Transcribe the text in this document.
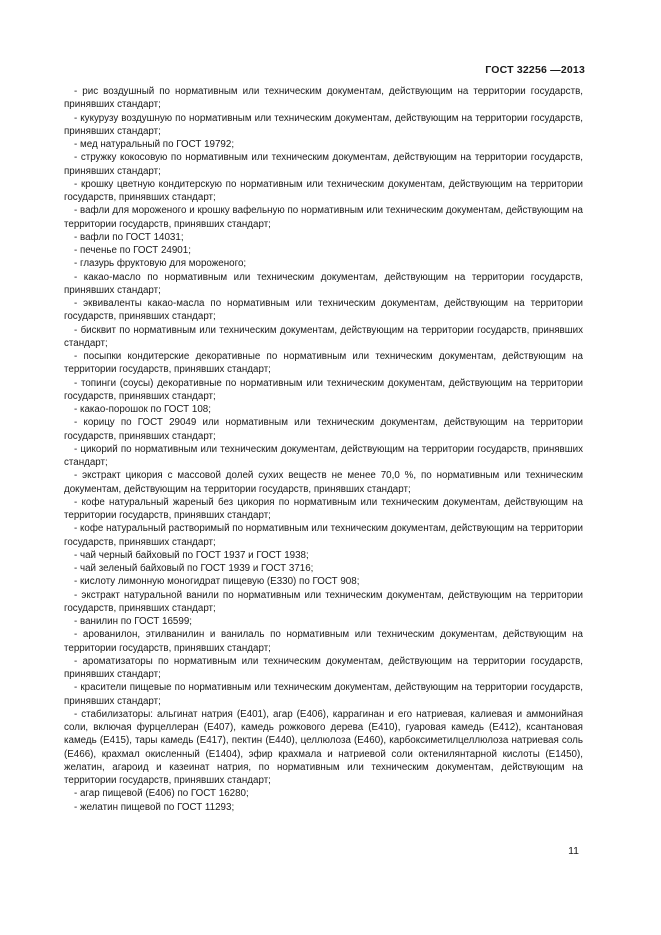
ГОСТ 32256 —2013

- рис воздушный по нормативным или техническим документам, действующим на территории государств, принявших стандарт;

- кукурузу воздушную по нормативным или техническим документам, действующим на территории государств, принявших стандарт;

- мед натуральный по ГОСТ 19792;

- стружку кокосовую по нормативным или техническим документам, действующим на территории государств, принявших стандарт;

- крошку цветную кондитерскую по нормативным или техническим документам, действующим на территории государств, принявших стандарт;

- вафли для мороженого и крошку вафельную по нормативным или техническим документам, действующим на территории государств, принявших стандарт;

- вафли по ГОСТ 14031;

- печенье по ГОСТ 24901;

- глазурь фруктовую для мороженого;

- какао-масло по нормативным или техническим документам, действующим на территории государств, принявших стандарт;

- эквиваленты какао-масла по нормативным или техническим документам, действующим на территории государств, принявших стандарт;

- бисквит по нормативным или техническим документам, действующим на территории государств, принявших стандарт;

- посыпки кондитерские декоративные по нормативным или техническим документам, действующим на территории государств, принявших стандарт;

- топинги (соусы) декоративные по нормативным или техническим документам, действующим на территории государств, принявших стандарт;

- какао-порошок по ГОСТ 108;

- корицу по ГОСТ 29049 или нормативным или техническим документам, действующим на территории государств, принявших стандарт;

- цикорий по нормативным или техническим документам, действующим на территории государств, принявших стандарт;

- экстракт цикория с массовой долей сухих веществ не менее 70,0 %, по нормативным или техническим документам, действующим на территории государств, принявших стандарт;

- кофе натуральный жареный без цикория по нормативным или техническим документам, действующим на территории государств, принявших стандарт;

- кофе натуральный растворимый по нормативным или техническим документам, действующим на территории государств, принявших стандарт;

- чай черный байховый по ГОСТ 1937 и ГОСТ 1938;

- чай зеленый байховый по ГОСТ 1939 и ГОСТ 3716;

- кислоту лимонную моногидрат пищевую (Е330) по ГОСТ 908;

- экстракт натуральной ванили по нормативным или техническим документам, действующим на территории государств, принявших стандарт;

- ванилин по ГОСТ 16599;

- арованилон, этилванилин и ванилаль по нормативным или техническим документам, действующим на территории государств, принявших стандарт;

- ароматизаторы по нормативным или техническим документам, действующим на территории государств, принявших стандарт;

- красители пищевые по нормативным или техническим документам, действующим на территории государств, принявших стандарт;

- стабилизаторы: альгинат натрия (Е401), агар (Е406), каррагинан и его натриевая, калиевая и аммонийная соли, включая фурцеллеран (Е407), камедь рожкового дерева (Е410), гуаровая камедь (Е412), ксантановая камедь (Е415), тары камедь (Е417), пектин (Е440), целлюлоза (Е460), карбоксиметилцеллюлоза натриевая соль (Е466), крахмал окисленный (Е1404), эфир крахмала и натриевой соли октенилянтарной кислоты (Е1450), желатин, агароид и казеинат натрия, по нормативным или техническим документам, действующим на территории государств, принявших стандарт;

- агар пищевой (Е406) по ГОСТ 16280;

- желатин пищевой по ГОСТ 11293;

11
